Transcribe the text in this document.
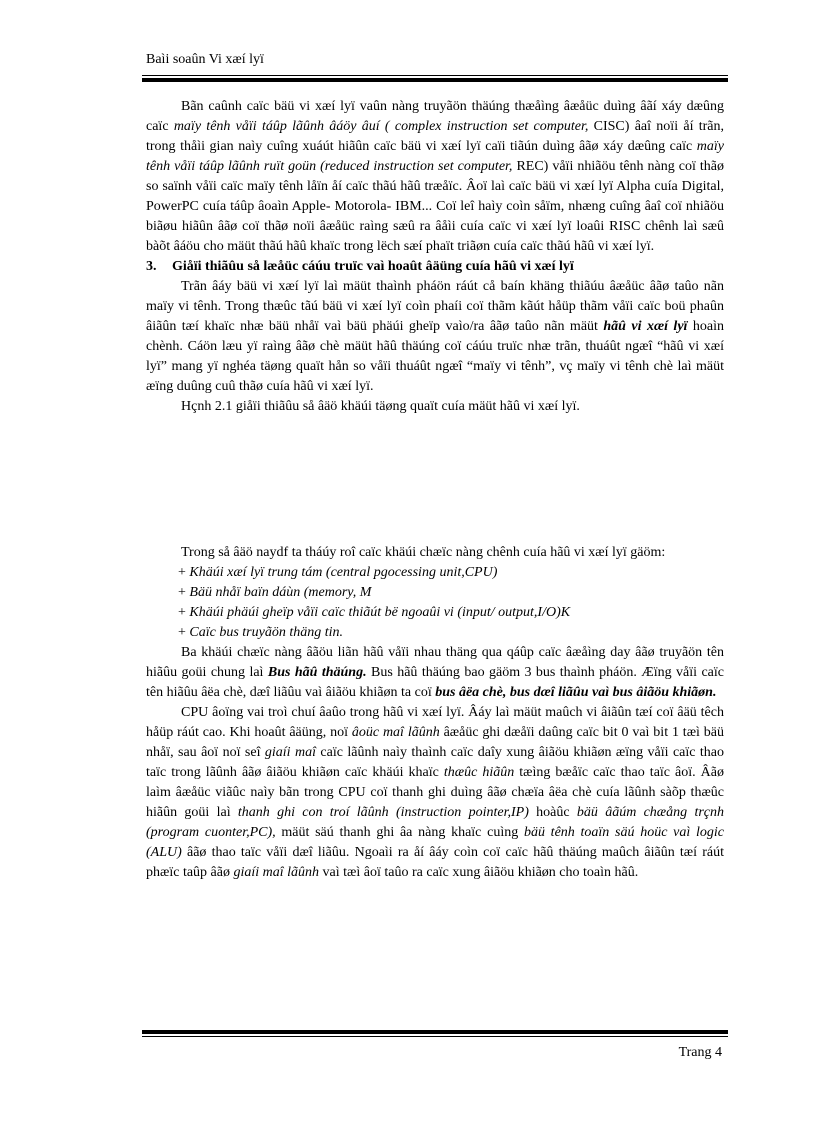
Baìi soaûn Vi xæí lyï

Bãn caûnh caïc bäü vi xæí lyï vaûn nàng truyãön thäúng thæåìng âæåüc duìng âãí xáy dæûng caïc maïy tênh våïi táûp lãûnh âáöy âuí ( complex instruction set computer, CISC) âaî noïi åí trãn, trong thåìi gian naìy cuîng xuáút hiãûn caïc bäü vi xæí lyï caïi tiãún duìng âãø xáy dæûng caïc maïy tênh våïi táûp lãûnh ruït goün (reduced instruction set computer, REC) våïi nhiãöu tênh nàng coï thãø so saïnh våïi caïc maïy tênh låïn åí caïc thãú hãû træåïc. Âoï laì caïc bäü vi xæí lyï Alpha cuía Digital, PowerPC cuía táûp âoaìn Apple- Motorola- IBM... Coï leî haìy coìn såïm, nhæng cuîng âaî coï nhiãöu biãøu hiãûn âãø coï thãø noïi âæåüc raìng sæû ra âåìi cuía caïc vi xæí lyï loaûi RISC chênh laì sæû bàõt âáöu cho mäüt thãú hãû khaïc trong lëch sæí phaït triãøn cuía caïc thãú hãû vi xæí lyï.

3. Giåïi thiãûu så læåüc cáúu truïc vaì hoaût âäüng cuía hãû vi xæí lyï

Trãn âáy bäü vi xæí lyï laì mäüt thaình pháön ráút cå baín khäng thiãúu âæåüc âãø taûo nãn maïy vi tênh. Trong thæûc tãú bäü vi xæí lyï coìn phaíi coï thãm kãút håüp thãm våïi caïc boü phaûn âiãûn tæí khaïc nhæ bäü nhåï vaì bäü phäúi gheïp vaìo/ra âãø taûo nãn mäüt hãû vi xæí lyï hoaìn chènh. Cáön læu yï raìng âãø chè mäüt hãû thäúng coï cáúu truïc nhæ trãn, thuáût ngæî “hãû vi xæí lyï” mang yï nghéa täøng quaït hån so våïi thuáût ngæî “maïy vi tênh”, vç maïy vi tênh chè laì mäüt æïng duûng cuû thãø cuía hãû vi xæí lyï.

Hçnh 2.1 giåïi thiãûu så âäö khäúi täøng quaït cuía mäüt hãû vi xæí lyï.

Trong så âäö naydf ta tháúy roî caïc khäúi chæïc nàng chênh cuía hãû vi xæí lyï gäöm:

+ Khäúi xæí lyï trung tám (central pgocessing unit,CPU)

+ Bäü nhåï baïn dáùn (memory, M

+ Khäúi phäúi gheïp våïi caïc thiãút bë ngoaûi vi (input/ output,I/O)K

+ Caïc bus truyãön thäng tin.

Ba khäúi chæïc nàng âãöu liãn hãû våïi nhau thäng qua qáûp caïc âæåìng day âãø truyãön tên hiãûu goüi chung laì Bus hãû thäúng. Bus hãû thäúng bao gäöm 3 bus thaình pháön. Æïng våïi caïc tên hiãûu âëa chè, dæî liãûu vaì âiãöu khiãøn ta coï bus âëa chè, bus dæî liãûu vaì bus âiãöu khiãøn.

CPU âoïng vai troì chuí âaûo trong hãû vi xæí lyï. Âáy laì mäüt maûch vi âiãûn tæí coï âäü têch håüp ráút cao. Khi hoaût âäüng, noï âoüc maî lãûnh âæåüc ghi dæåïi daûng caïc bit 0 vaì bit 1 tæì bäü nhåï, sau âoï noï seî giaíi maî caïc lãûnh naìy thaình caïc daîy xung âiãöu khiãøn æïng våïi caïc thao taïc trong lãûnh âãø âiãöu khiãøn caïc khäúi khaïc thæûc hiãûn tæìng bæåïc caïc thao taïc âoï. Âãø laìm âæåüc viãûc naìy bãn trong CPU coï thanh ghi duìng âãø chæïa âëa chè cuía lãûnh sàõp thæûc hiãûn goüi laì thanh ghi con troí lãûnh (instruction pointer,IP) hoàûc bäü âãúm chæång trçnh (program cuonter,PC), mäüt säú thanh ghi âa nàng khaïc cuìng bäü tênh toaïn säú hoüc vaì logic (ALU) âãø thao taïc våïi dæî liãûu. Ngoaìi ra åí âáy coìn coï caïc hãû thäúng maûch âiãûn tæí ráút phæïc taûp âãø giaíi maî lãûnh vaì tæì âoï taûo ra caïc xung âiãöu khiãøn cho toaìn hãû.

Trang 4
